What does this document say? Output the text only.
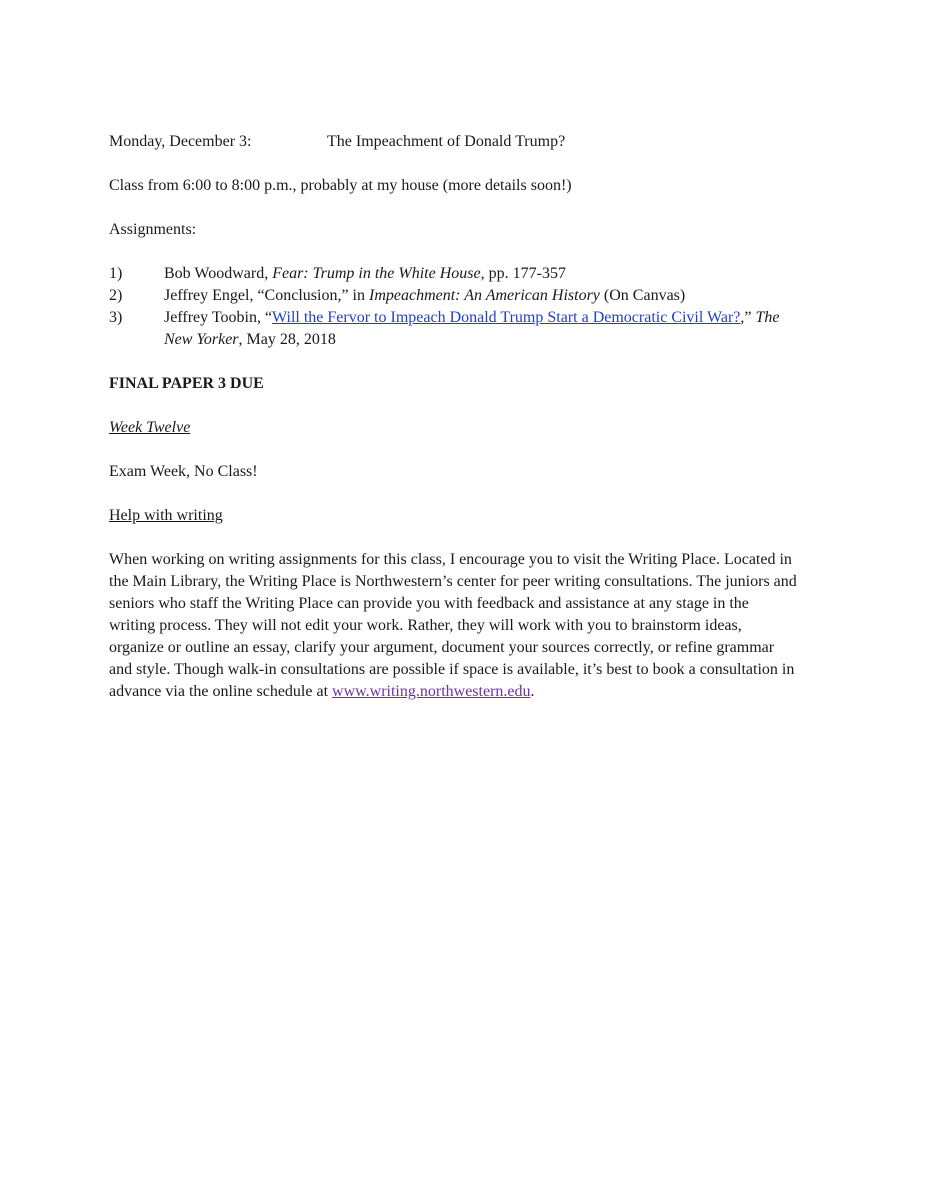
Monday, December 3:	The Impeachment of Donald Trump?

Class from 6:00 to 8:00 p.m., probably at my house (more details soon!)

Assignments:

1)	Bob Woodward, Fear: Trump in the White House, pp. 177-357
2)	Jeffrey Engel, “Conclusion,” in Impeachment: An American History (On Canvas)
3)	Jeffrey Toobin, “Will the Fervor to Impeach Donald Trump Start a Democratic Civil War?,” The New Yorker, May 28, 2018

FINAL PAPER 3 DUE

Week Twelve

Exam Week, No Class!

Help with writing

When working on writing assignments for this class, I encourage you to visit the Writing Place. Located in the Main Library, the Writing Place is Northwestern’s center for peer writing consultations. The juniors and seniors who staff the Writing Place can provide you with feedback and assistance at any stage in the writing process. They will not edit your work. Rather, they will work with you to brainstorm ideas, organize or outline an essay, clarify your argument, document your sources correctly, or refine grammar and style. Though walk-in consultations are possible if space is available, it’s best to book a consultation in advance via the online schedule at www.writing.northwestern.edu.
